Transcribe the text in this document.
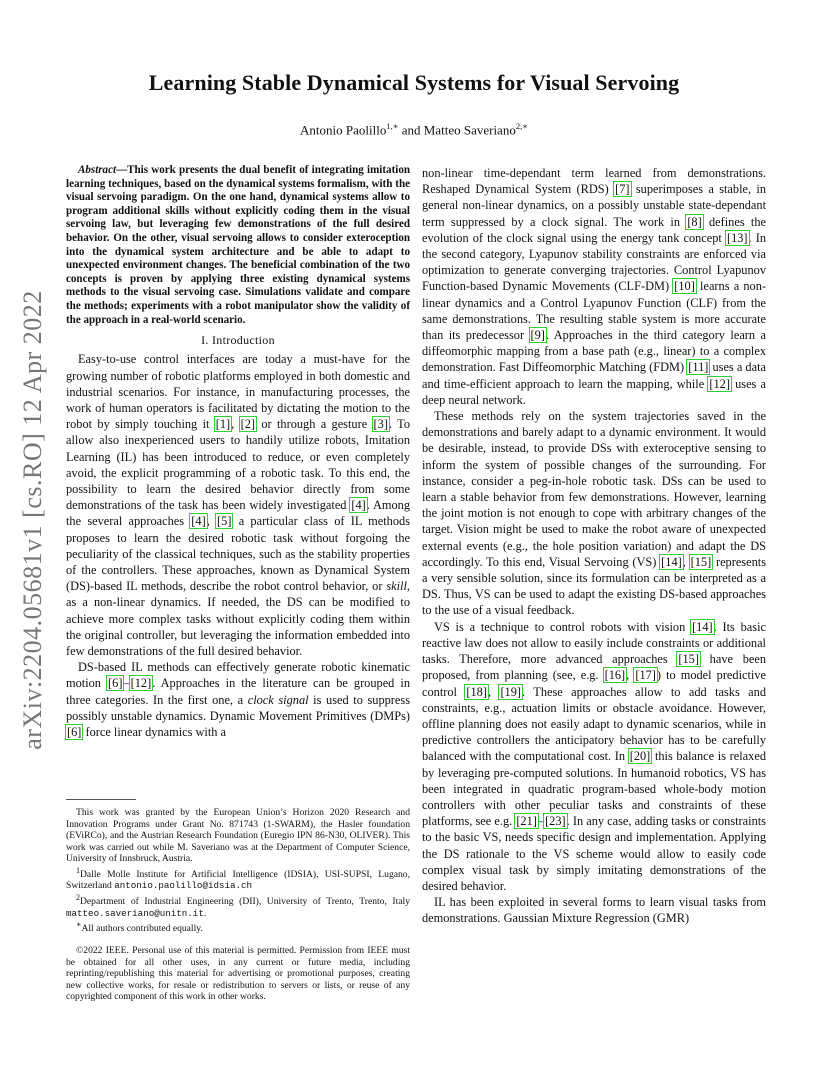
Learning Stable Dynamical Systems for Visual Servoing
Antonio Paolillo$^{1,∗}$ and Matteo Saveriano$^{2,∗}$
arXiv:2204.05681v1 [cs.RO] 12 Apr 2022

Abstract—This work presents the dual benefit of integrating imitation learning techniques, based on the dynamical systems formalism, with the visual servoing paradigm. On the one hand, dynamical systems allow to program additional skills without explicitly coding them in the visual servoing law, but leveraging few demonstrations of the full desired behavior. On the other, visual servoing allows to consider exteroception into the dynamical system architecture and be able to adapt to unexpected environment changes. The beneficial combination of the two concepts is proven by applying three existing dynamical systems methods to the visual servoing case. Simulations validate and compare the methods; experiments with a robot manipulator show the validity of the approach in a real-world scenario.

I. Introduction

Easy-to-use control interfaces are today a must-have for the growing number of robotic platforms employed in both domestic and industrial scenarios. For instance, in manufacturing processes, the work of human operators is facilitated by dictating the motion to the robot by simply touching it [1], [2] or through a gesture [3]. To allow also inexperienced users to handily utilize robots, Imitation Learning (IL) has been introduced to reduce, or even completely avoid, the explicit programming of a robotic task. To this end, the possibility to learn the desired behavior directly from some demonstrations of the task has been widely investigated [4]. Among the several approaches [4], [5] a particular class of IL methods proposes to learn the desired robotic task without forgoing the peculiarity of the classical techniques, such as the stability properties of the controllers. These approaches, known as Dynamical System (DS)-based IL methods, describe the robot control behavior, or skill, as a non-linear dynamics. If needed, the DS can be modified to achieve more complex tasks without explicitly coding them within the original controller, but leveraging the information embedded into few demonstrations of the full desired behavior.

DS-based IL methods can effectively generate robotic kinematic motion [6]–[12]. Approaches in the literature can be grouped in three categories. In the first one, a clock signal is used to suppress possibly unstable dynamics. Dynamic Movement Primitives (DMPs) [6] force linear dynamics with a

This work was granted by the European Union’s Horizon 2020 Research and Innovation Programs under Grant No. 871743 (1-SWARM), the Hasler foundation (EViRCo), and the Austrian Research Foundation (Euregio IPN 86-N30, OLIVER). This work was carried out while M. Saveriano was at the Department of Computer Science, University of Innsbruck, Austria.

$^1$Dalle Molle Institute for Artificial Intelligence (IDSIA), USI-SUPSI, Lugano, Switzerland antonio.paolillo@idsia.ch

$^2$Department of Industrial Engineering (DII), University of Trento, Trento, Italy matteo.saveriano@unitn.it.

∗All authors contributed equally.

©2022 IEEE. Personal use of this material is permitted. Permission from IEEE must be obtained for all other uses, in any current or future media, including reprinting/republishing this material for advertising or promotional purposes, creating new collective works, for resale or redistribution to servers or lists, or reuse of any copyrighted component of this work in other works.

non-linear time-dependant term learned from demonstrations. Reshaped Dynamical System (RDS) [7] superimposes a stable, in general non-linear dynamics, on a possibly unstable state-dependant term suppressed by a clock signal. The work in [8] defines the evolution of the clock signal using the energy tank concept [13]. In the second category, Lyapunov stability constraints are enforced via optimization to generate converging trajectories. Control Lyapunov Function-based Dynamic Movements (CLF-DM) [10] learns a non-linear dynamics and a Control Lyapunov Function (CLF) from the same demonstrations. The resulting stable system is more accurate than its predecessor [9]. Approaches in the third category learn a diffeomorphic mapping from a base path (e.g., linear) to a complex demonstration. Fast Diffeomorphic Matching (FDM) [11] uses a data and time-efficient approach to learn the mapping, while [12] uses a deep neural network.

These methods rely on the system trajectories saved in the demonstrations and barely adapt to a dynamic environment. It would be desirable, instead, to provide DSs with exteroceptive sensing to inform the system of possible changes of the surrounding. For instance, consider a peg-in-hole robotic task. DSs can be used to learn a stable behavior from few demonstrations. However, learning the joint motion is not enough to cope with arbitrary changes of the target. Vision might be used to make the robot aware of unexpected external events (e.g., the hole position variation) and adapt the DS accordingly. To this end, Visual Servoing (VS) [14], [15] represents a very sensible solution, since its formulation can be interpreted as a DS. Thus, VS can be used to adapt the existing DS-based approaches to the use of a visual feedback.

VS is a technique to control robots with vision [14]. Its basic reactive law does not allow to easily include constraints or additional tasks. Therefore, more advanced approaches [15] have been proposed, from planning (see, e.g. [16], [17]) to model predictive control [18], [19]. These approaches allow to add tasks and constraints, e.g., actuation limits or obstacle avoidance. However, offline planning does not easily adapt to dynamic scenarios, while in predictive controllers the anticipatory behavior has to be carefully balanced with the computational cost. In [20] this balance is relaxed by leveraging pre-computed solutions. In humanoid robotics, VS has been integrated in quadratic program-based whole-body motion controllers with other peculiar tasks and constraints of these platforms, see e.g. [21]–[23]. In any case, adding tasks or constraints to the basic VS, needs specific design and implementation. Applying the DS rationale to the VS scheme would allow to easily code complex visual task by simply imitating demonstrations of the desired behavior.

IL has been exploited in several forms to learn visual tasks from demonstrations. Gaussian Mixture Regression (GMR)
